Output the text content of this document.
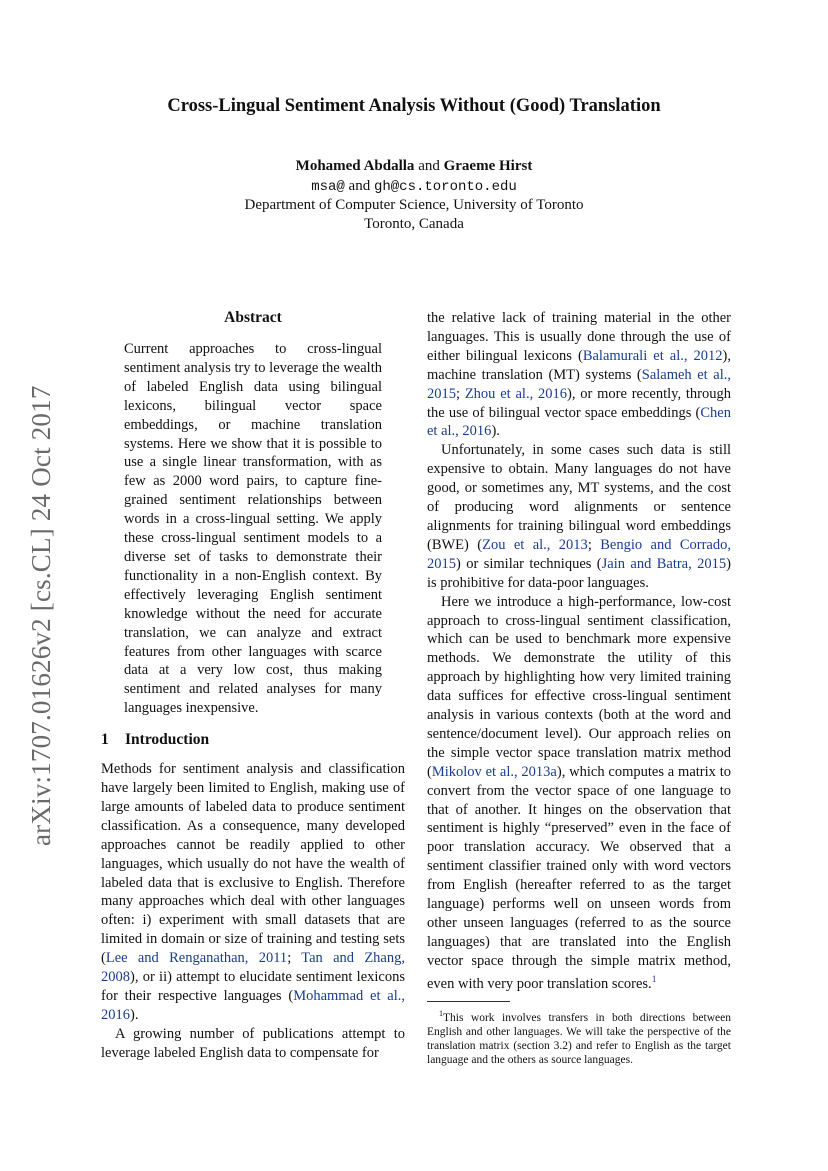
Cross-Lingual Sentiment Analysis Without (Good) Translation
Mohamed Abdalla and Graeme Hirst
msa@ and gh@cs.toronto.edu
Department of Computer Science, University of Toronto
Toronto, Canada
arXiv:1707.01626v2 [cs.CL] 24 Oct 2017
Abstract
Current approaches to cross-lingual sentiment analysis try to leverage the wealth of labeled English data using bilingual lexicons, bilingual vector space embeddings, or machine translation systems. Here we show that it is possible to use a single linear transformation, with as few as 2000 word pairs, to capture fine-grained sentiment relationships between words in a cross-lingual setting. We apply these cross-lingual sentiment models to a diverse set of tasks to demonstrate their functionality in a non-English context. By effectively leveraging English sentiment knowledge without the need for accurate translation, we can analyze and extract features from other languages with scarce data at a very low cost, thus making sentiment and related analyses for many languages inexpensive.
1 Introduction

Methods for sentiment analysis and classification have largely been limited to English, making use of large amounts of labeled data to produce sentiment classification. As a consequence, many developed approaches cannot be readily applied to other languages, which usually do not have the wealth of labeled data that is exclusive to English. Therefore many approaches which deal with other languages often: i) experiment with small datasets that are limited in domain or size of training and testing sets (Lee and Renganathan, 2011; Tan and Zhang, 2008), or ii) attempt to elucidate sentiment lexicons for their respective languages (Mohammad et al., 2016).

A growing number of publications attempt to leverage labeled English data to compensate for

the relative lack of training material in the other languages. This is usually done through the use of either bilingual lexicons (Balamurali et al., 2012), machine translation (MT) systems (Salameh et al., 2015; Zhou et al., 2016), or more recently, through the use of bilingual vector space embeddings (Chen et al., 2016).

Unfortunately, in some cases such data is still expensive to obtain. Many languages do not have good, or sometimes any, MT systems, and the cost of producing word alignments or sentence alignments for training bilingual word embeddings (BWE) (Zou et al., 2013; Bengio and Corrado, 2015) or similar techniques (Jain and Batra, 2015) is prohibitive for data-poor languages.

Here we introduce a high-performance, low-cost approach to cross-lingual sentiment classification, which can be used to benchmark more expensive methods. We demonstrate the utility of this approach by highlighting how very limited training data suffices for effective cross-lingual sentiment analysis in various contexts (both at the word and sentence/document level). Our approach relies on the simple vector space translation matrix method (Mikolov et al., 2013a), which computes a matrix to convert from the vector space of one language to that of another. It hinges on the observation that sentiment is highly “preserved” even in the face of poor translation accuracy. We observed that a sentiment classifier trained only with word vectors from English (hereafter referred to as the target language) performs well on unseen words from other unseen languages (referred to as the source languages) that are translated into the English vector space through the simple matrix method, even with very poor translation scores.$^1$

$^1$This work involves transfers in both directions between English and other languages. We will take the perspective of the translation matrix (section 3.2) and refer to English as the target language and the others as source languages.
